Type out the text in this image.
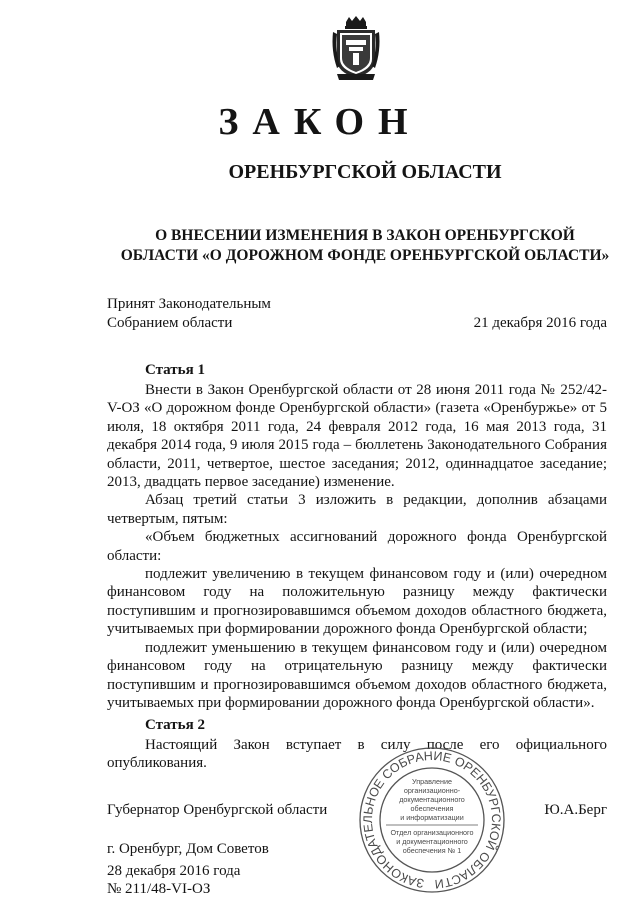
ЗАКОН
ОРЕНБУРГСКОЙ ОБЛАСТИ
О ВНЕСЕНИИ ИЗМЕНЕНИЯ В ЗАКОН ОРЕНБУРГСКОЙ
ОБЛАСТИ «О ДОРОЖНОМ ФОНДЕ ОРЕНБУРГСКОЙ ОБЛАСТИ»
Принят Законодательным
Собранием области	21 декабря 2016 года
Статья 1

Внести в Закон Оренбургской области от 28 июня 2011 года № 252/42-V-ОЗ «О дорожном фонде Оренбургской области» (газета «Оренбуржье» от 5 июля, 18 октября 2011 года, 24 февраля 2012 года, 16 мая 2013 года, 31 декабря 2014 года, 9 июля 2015 года – бюллетень Законодательного Собрания области, 2011, четвертое, шестое заседания; 2012, одиннадцатое заседание; 2013, двадцать первое заседание) изменение.

Абзац третий статьи 3 изложить в редакции, дополнив абзацами четвертым, пятым:

«Объем бюджетных ассигнований дорожного фонда Оренбургской области:

подлежит увеличению в текущем финансовом году и (или) очередном финансовом году на положительную разницу между фактически поступившим и прогнозировавшимся объемом доходов областного бюджета, учитываемых при формировании дорожного фонда Оренбургской области;

подлежит уменьшению в текущем финансовом году и (или) очередном финансовом году на отрицательную разницу между фактически поступившим и прогнозировавшимся объемом доходов областного бюджета, учитываемых при формировании дорожного фонда Оренбургской области».

Статья 2

Настоящий Закон вступает в силу после его официального опубликования.

Губернатор Оренбургской области	Ю.А.Берг
г. Оренбург, Дом Советов
28 декабря 2016 года
№ 211/48-VI-ОЗ	ЗАКОНОДАТЕЛЬНОЕ СОБРАНИЕ ОРЕНБУРГСКОЙ ОБЛАСТИ
Управление
организационно-
документационного
обеспечения
и информатизации
Отдел организационного
и документационного
обеспечения № 1
